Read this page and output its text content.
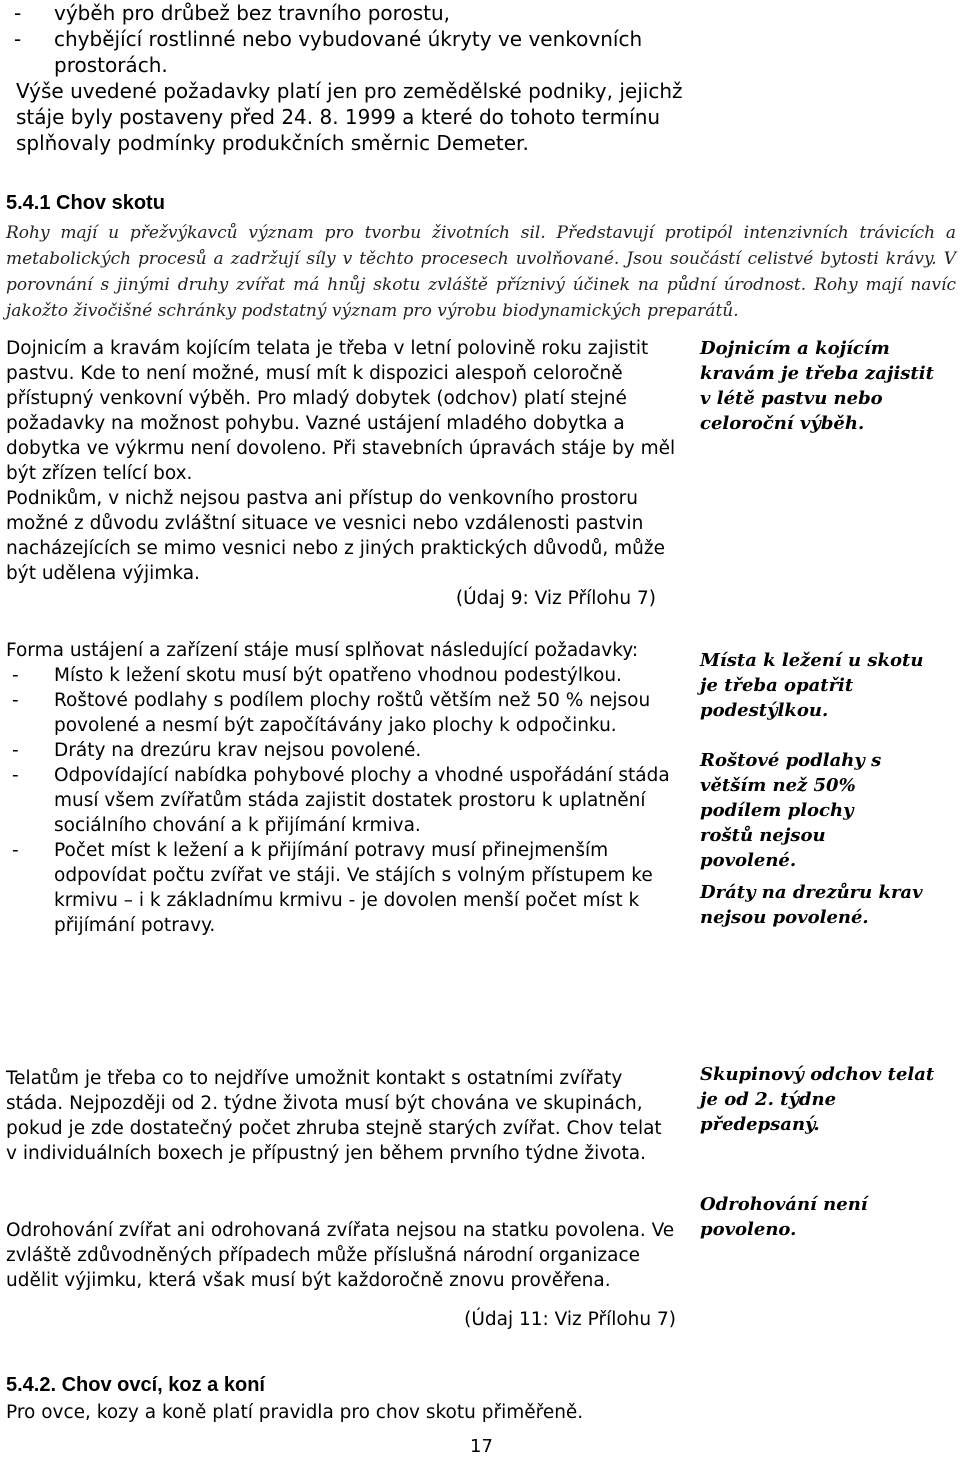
- výběh pro drůbež bez travního porostu,
- chybějící rostlinné nebo vybudované úkryty ve venkovních prostorách.

Výše uvedené požadavky platí jen pro zemědělské podniky, jejichž stáje byly postaveny před 24. 8. 1999 a které do tohoto termínu splňovaly podmínky produkčních směrnic Demeter.

5.4.1 Chov skotu

Rohy mají u přežvýkavců význam pro tvorbu životních sil. Představují protipól intenzivních trávicích a metabolických procesů a zadržují síly v těchto procesech uvolňované. Jsou součástí celistvé bytosti krávy. V porovnání s jinými druhy zvířat má hnůj skotu zvláště příznivý účinek na půdní úrodnost. Rohy mají navíc jakožto živočišné schránky podstatný význam pro výrobu biodynamických preparátů.

Dojnicím a kravám kojícím telata je třeba v letní polovině roku zajistit pastvu. Kde to není možné, musí mít k dispozici alespoň celoročně přístupný venkovní výběh. Pro mladý dobytek (odchov) platí stejné požadavky na možnost pohybu. Vazné ustájení mladého dobytka a dobytka ve výkrmu není dovoleno. Při stavebních úpravách stáje by měl být zřízen telící box.

Podnikům, v nichž nejsou pastva ani přístup do venkovního prostoru možné z důvodu zvláštní situace ve vesnici nebo vzdálenosti pastvin nacházejících se mimo vesnici nebo z jiných praktických důvodů, může být udělena výjimka.

(Údaj 9: Viz Přílohu 7)

Dojnicím a kojícím kravám je třeba zajistit v létě pastvu nebo celoroční výběh.

Forma ustájení a zařízení stáje musí splňovat následující požadavky:

- Místo k ležení skotu musí být opatřeno vhodnou podestýlkou.
- Roštové podlahy s podílem plochy roštů větším než 50 % nejsou povolené a nesmí být započítávány jako plochy k odpočinku.
- Dráty na drezúru krav nejsou povolené.
- Odpovídající nabídka pohybové plochy a vhodné uspořádání stáda musí všem zvířatům stáda zajistit dostatek prostoru k uplatnění sociálního chování a k přijímání krmiva.
- Počet míst k ležení a k přijímání potravy musí přinejmenším odpovídat počtu zvířat ve stáji. Ve stájích s volným přístupem ke krmivu – i k základnímu krmivu - je dovolen menší počet míst k přijímání potravy.

Místa k ležení u skotu je třeba opatřit podestýlkou.

Roštové podlahy s větším než 50% podílem plochy roštů nejsou povolené.

Dráty na drezůru krav nejsou povolené.

Telatům je třeba co to nejdříve umožnit kontakt s ostatními zvířaty stáda. Nejpozději od 2. týdne života musí být chována ve skupinách, pokud je zde dostatečný počet zhruba stejně starých zvířat. Chov telat v individuálních boxech je přípustný jen během prvního týdne života.

Skupinový odchov telat je od 2. týdne předepsaný.

Odrohování zvířat ani odrohovaná zvířata nejsou na statku povolena. Ve zvláště zdůvodněných případech může příslušná národní organizace udělit výjimku, která však musí být každoročně znovu prověřena.

(Údaj 11: Viz Přílohu 7)

Odrohování není povoleno.

5.4.2. Chov ovcí, koz a koní

Pro ovce, kozy a koně platí pravidla pro chov skotu přiměřeně.

17
